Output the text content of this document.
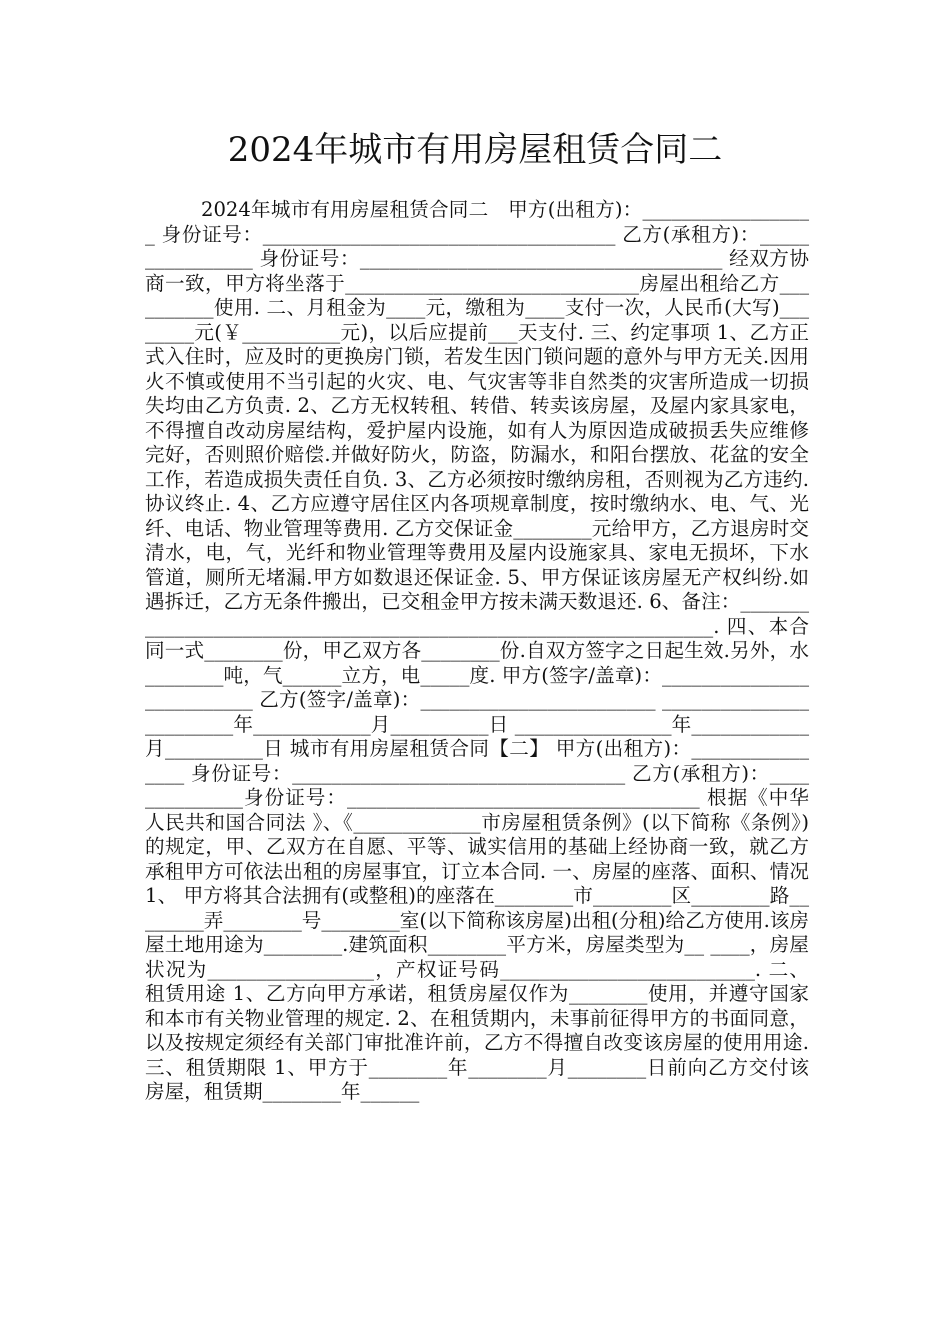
2024年城市有用房屋租赁合同二

2024年城市有用房屋租赁合同二　甲方(出租方)：__________________ 身份证号：____________________________________ 乙方(承租方)：________________ 身份证号：_____________________________________ 经双方协商一致，甲方将坐落于______________________________房屋出租给乙方__________使用. 二、月租金为____元，缴租为____支付一次，人民币(大写)________元(￥__________元)，以后应提前___天支付. 三、约定事项 1、乙方正式入住时，应及时的更换房门锁，若发生因门锁问题的意外与甲方无关.因用火不慎或使用不当引起的火灾、电、气灾害等非自然类的灾害所造成一切损失均由乙方负责. 2、乙方无权转租、转借、转卖该房屋，及屋内家具家电，不得擅自改动房屋结构，爱护屋内设施，如有人为原因造成破损丢失应维修完好，否则照价赔偿.并做好防火，防盗，防漏水，和阳台摆放、花盆的安全工作，若造成损失责任自负. 3、乙方必须按时缴纳房租，否则视为乙方违约.协议终止. 4、乙方应遵守居住区内各项规章制度，按时缴纳水、电、气、光纤、电话、物业管理等费用. 乙方交保证金________元给甲方，乙方退房时交清水，电，气，光纤和物业管理等费用及屋内设施家具、家电无损坏，下水管道，厕所无堵漏.甲方如数退还保证金. 5、甲方保证该房屋无产权纠纷.如遇拆迁，乙方无条件搬出，已交租金甲方按未满天数退还. 6、备注：_________________________________________________________________. 四、本合同一式________份，甲乙双方各________份.自双方签字之日起生效.另外，水________吨，气______立方，电_____度. 甲方(签字/盖章)：__________________________ 乙方(签字/盖章)：________________________ ________________________年____________月__________日 ________________年____________月__________日 城市有用房屋租赁合同【二】 甲方(出租方)：________________ 身份证号：__________________________________ 乙方(承租方)：______________身份证号：____________________________________ 根据《中华人民共和国合同法 》、《_____________市房屋租赁条例》(以下简称《条例》)的规定，甲、乙双方在自愿、平等、诚实信用的基础上经协商一致，就乙方承租甲方可依法出租的房屋事宜，订立本合同. 一、房屋的座落、面积、情况 1、 甲方将其合法拥有(或整租)的座落在________市________区________路________弄________号________室(以下简称该房屋)出租(分租)给乙方使用.该房屋土地用途为________.建筑面积________平方米，房屋类型为__ ____，房屋状况为_________________，产权证号码__________________________. 二、租赁用途 1、乙方向甲方承诺，租赁房屋仅作为________使用，并遵守国家和本市有关物业管理的规定. 2、在租赁期内，未事前征得甲方的书面同意，以及按规定须经有关部门审批准许前，乙方不得擅自改变该房屋的使用用途. 三、租赁期限 1、甲方于________年________月________日前向乙方交付该房屋，租赁期________年______
